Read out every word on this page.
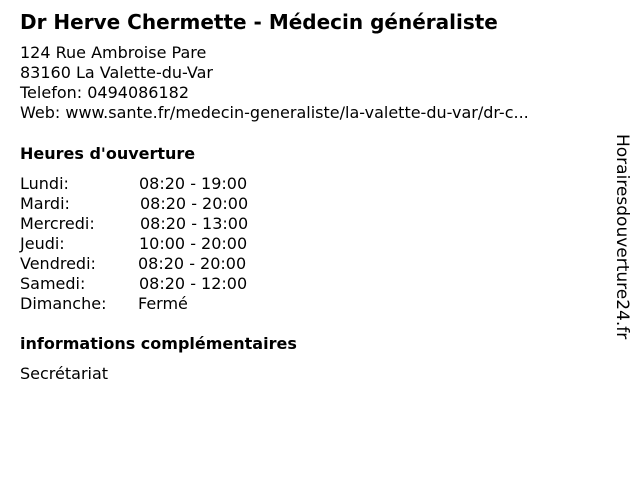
Dr Herve Chermette - Médecin généraliste
124 Rue Ambroise Pare
83160 La Valette-du-Var
Telefon: 0494086182
Web: www.sante.fr/medecin-generaliste/la-valette-du-var/dr-c...
Heures d'ouverture
Lundi:	08:20 - 19:00
Mardi:	08:20 - 20:00
Mercredi:	08:20 - 13:00
Jeudi:	10:00 - 20:00
Vendredi:	08:20 - 20:00
Samedi:	08:20 - 12:00
Dimanche: Fermé
informations complémentaires
Secrétariat
Horairesdouverture24.fr
